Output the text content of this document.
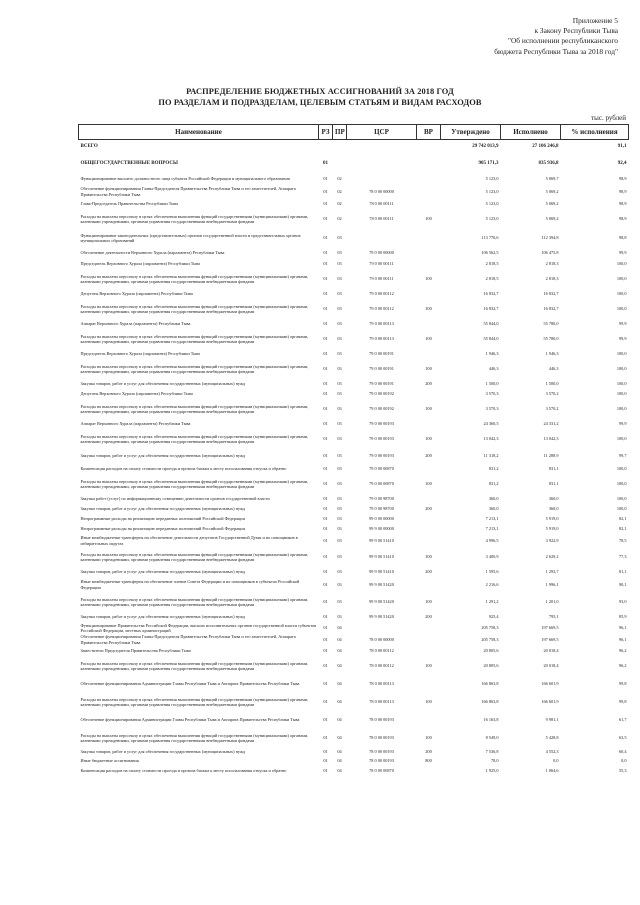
Приложение 5
к Закону Республики Тыва
"Об исполнении республиканского
бюджета Республики Тыва за 2018 год"
РАСПРЕДЕЛЕНИЕ БЮДЖЕТНЫХ АССИГНОВАНИЙ ЗА 2018 ГОД
ПО РАЗДЕЛАМ И ПОДРАЗДЕЛАМ, ЦЕЛЕВЫМ СТАТЬЯМ И ВИДАМ РАСХОДОВ
тыс. рублей
Наименование	РЗ	ПР	ЦСР	ВР	Утверждено	Исполнено	% исполнения
ВСЕГО					29 742 013,9	27 106 246,8	91,1
ОБЩЕГОСУДАРСТВЕННЫЕ ВОПРОСЫ	01				905 171,3	835 936,8	92,4
Функционирование высшего должностного лица субъекта Российской Федерации и муниципального образования	01	02			5 123,0	5 069,7	98,9
Обеспечение функционирования Главы-Председателя Правительства Республики Тыва и его заместителей, Аппарата Правительства Республики Тыва	01	02	78 0 00 00000		5 123,0	5 069,2	98,9
Глава-Председатель Правительства Республики Тыва	01	02	78 0 00 00111		5 123,0	5 069,2	98,9
Расходы на выплаты персоналу в целях обеспечения выполнения функций государственными (муниципальными) органами, казенными учреждениями, органами управления государственными внебюджетными фондами	01	02	78 0 00 00111	100	5 123,0	5 069,2	98,9
Функционирование законодательных (представительных) органов государственной власти и представительных органов муниципальных образований	01	03			113 776,6	112 394,8	98,8
Обеспечение деятельности Верховного Хурала (парламента) Республики Тыва	01	03	79 0 00 00000		106 562,5	106 475,8	99,9
Председатель Верховного Хурала (парламента) Республики Тыва	01	03	79 0 00 00111		2 818,5	2 818,3	100,0
Расходы на выплаты персоналу в целях обеспечения выполнения функций государственными (муниципальными) органами, казенными учреждениями, органами управления государственными внебюджетными фондами	01	03	79 0 00 00111	100	2 818,5	2 818,3	100,0
Депутаты Верховного Хурала (парламента) Республики Тыва	01	03	79 0 00 00112		16 832,7	16 832,7	100,0
Расходы на выплаты персоналу в целях обеспечения выполнения функций государственными (муниципальными) органами, казенными учреждениями, органами управления государственными внебюджетными фондами	01	03	79 0 00 00112	100	16 832,7	16 832,7	100,0
Аппарат Верховного Хурала (парламента) Республики Тыва	01	03	79 0 00 00113		55 844,0	55 780,0	99,9
Расходы на выплаты персоналу в целях обеспечения выполнения функций государственными (муниципальными) органами, казенными учреждениями, органами управления государственными внебюджетными фондами	01	03	79 0 00 00113	100	55 844,0	55 780,0	99,9
Председатель Верховного Хурала (парламента) Республики Тыва	01	03	79 0 00 00191		1 946,3	1 946,3	100,0
Расходы на выплаты персоналу в целях обеспечения выполнения функций государственными (муниципальными) органами, казенными учреждениями, органами управления государственными внебюджетными фондами	01	03	79 0 00 00191	100	446,3	446,3	100,0
Закупка товаров, работ и услуг для обеспечения государственных (муниципальных) нужд	01	03	79 0 00 00191	200	1 500,0	1 500,0	100,0
Депутаты Верховного Хурала (парламента) Республики Тыва	01	03	79 0 00 00192		3 570,3	3 570,2	100,0
Расходы на выплаты персоналу в целях обеспечения выполнения функций государственными (муниципальными) органами, казенными учреждениями, органами управления государственными внебюджетными фондами	01	03	79 0 00 00192	100	3 570,3	3 570,2	100,0
Аппарат Верховного Хурала (парламента) Республики Тыва	01	03	79 0 00 00193		24 360,5	24 331,2	99,9
Расходы на выплаты персоналу в целях обеспечения выполнения функций государственными (муниципальными) органами, казенными учреждениями, органами управления государственными внебюджетными фондами	01	03	79 0 00 00193	100	13 042,3	13 042,3	100,0
Закупка товаров, работ и услуг для обеспечения государственных (муниципальных) нужд	01	03	79 0 00 00193	200	11 318,2	11 288,9	99,7
Компенсация расходов на оплату стоимости проезда и провоза багажа к месту использования отпуска и обратно	01	03	79 0 00 00870		831,2	831,1	100,0
Расходы на выплаты персоналу в целях обеспечения выполнения функций государственными (муниципальными) органами, казенными учреждениями, органами управления государственными внебюджетными фондами	01	03	79 0 00 00870	100	831,2	831,1	100,0
Закупка работ (услуг) по информационному освещению деятельности органов государственной власти	01	03	79 0 00 98700		360,0	360,0	100,0
Закупка товаров, работ и услуг для обеспечения государственных (муниципальных) нужд	01	03	79 0 00 98700	200	360,0	360,0	100,0
Непрограммные расходы на реализацию переданных полномочий Российской Федерации	01	03	99 0 00 00000		7 213,1	5 919,0	82,1
Непрограммные расходы на реализацию переданных полномочий Российской Федерации	01	03	99 9 00 00000		7 213,1	5 919,0	82,1
Иные межбюджетные трансферты на обеспечение деятельности депутатов Государственной Думы и их помощников в избирательных округах	01	03	99 9 00 51410		4 996,5	3 922,9	78,5
Расходы на выплаты персоналу в целях обеспечения выполнения функций государственными (муниципальными) органами, казенными учреждениями, органами управления государственными внебюджетными фондами	01	03	99 9 00 51410	100	3 400,9	2 629,2	77,3
Закупка товаров, работ и услуг для обеспечения государственных (муниципальных) нужд	01	03	99 9 00 51410	200	1 595,6	1 293,7	81,1
Иные межбюджетные трансферты на обеспечение членов Совета Федерации и их помощников в субъектах Российской Федерации	01	03	99 9 00 51420		2 216,6	1 996,1	90,1
Расходы на выплаты персоналу в целях обеспечения выполнения функций государственными (муниципальными) органами, казенными учреждениями, органами управления государственными внебюджетными фондами	01	03	99 9 00 51420	100	1 291,2	1 201,0	93,0
Закупка товаров, работ и услуг для обеспечения государственных (муниципальных) нужд	01	03	99 9 00 51420	200	925,4	795,1	85,9
Функционирование Правительства Российской Федерации, высших исполнительных органов государственной власти субъектов Российской Федерации, местных администраций	01	04			205 758,3	197 669,5	96,1
Обеспечение функционирования Главы-Председателя Правительства Республики Тыва и его заместителей, Аппарата Правительства Республики Тыва	01	04	78 0 00 00000		205 758,3	197 669,5	96,1
Заместители Председателя Правительства Республики Тыва	01	04	78 0 00 00112		20 805,6	20 018,4	96,2
Расходы на выплаты персоналу в целях обеспечения выполнения функций государственными (муниципальными) органами, казенными учреждениями, органами управления государственными внебюджетными фондами	01	04	78 0 00 00112	100	20 805,6	20 018,4	96,2
Обеспечение функционирования Администрации Главы Республики Тыва и Аппарата Правительства Республики Тыва	01	04	78 0 00 00113		166 863,8	166 601,9	99,8
Расходы на выплаты персоналу в целях обеспечения выполнения функций государственными (муниципальными) органами, казенными учреждениями, органами управления государственными внебюджетными фондами	01	04	78 0 00 00113	100	166 863,8	166 601,9	99,8
Обеспечение функционирования Администрации Главы Республики Тыва и Аппарата Правительства Республики Тыва	01	04	78 0 00 00193		16 163,8	9 981,1	61,7
Расходы на выплаты персоналу в целях обеспечения выполнения функций государственными (муниципальными) органами, казенными учреждениями, органами управления государственными внебюджетными фондами	01	04	78 0 00 00193	100	8 549,0	5 428,8	63,5
Закупка товаров, работ и услуг для обеспечения государственных (муниципальных) нужд	01	04	78 0 00 00193	200	7 536,8	4 552,3	60,4
Иные бюджетные ассигнования	01	04	78 0 00 00193	800	78,0	0,0	0,0
Компенсация расходов на оплату стоимости проезда и провоза багажа к месту использования отпуска и обратно	01	04	78 0 00 00870		1 925,0	1 064,6	55,3
